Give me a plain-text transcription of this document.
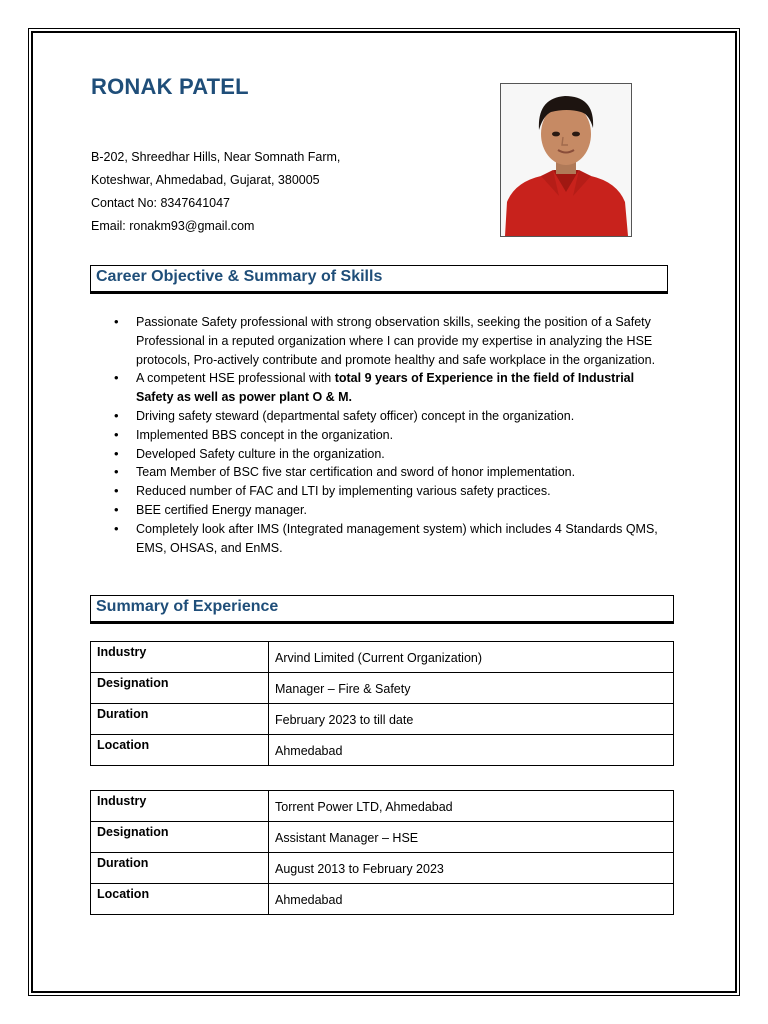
RONAK PATEL
B-202, Shreedhar Hills, Near Somnath Farm,
Koteshwar, Ahmedabad, Gujarat, 380005
Contact No: 8347641047
Email: ronakm93@gmail.com
Career Objective & Summary of Skills
• Passionate Safety professional with strong observation skills, seeking the position of a Safety Professional in a reputed organization where I can provide my expertise in analyzing the HSE protocols, Pro-actively contribute and promote healthy and safe workplace in the organization.
• A competent HSE professional with total 9 years of Experience in the field of Industrial Safety as well as power plant O & M.
• Driving safety steward (departmental safety officer) concept in the organization.
• Implemented BBS concept in the organization.
• Developed Safety culture in the organization.
• Team Member of BSC five star certification and sword of honor implementation.
• Reduced number of FAC and LTI by implementing various safety practices.
• BEE certified Energy manager.
• Completely look after IMS (Integrated management system) which includes 4 Standards QMS, EMS, OHSAS, and EnMS.
Summary of Experience
Industry	Arvind Limited (Current Organization)
Designation	Manager – Fire & Safety
Duration	February 2023 to till date
Location	Ahmedabad
Industry	Torrent Power LTD, Ahmedabad
Designation	Assistant Manager – HSE
Duration	August 2013 to February 2023
Location	Ahmedabad
